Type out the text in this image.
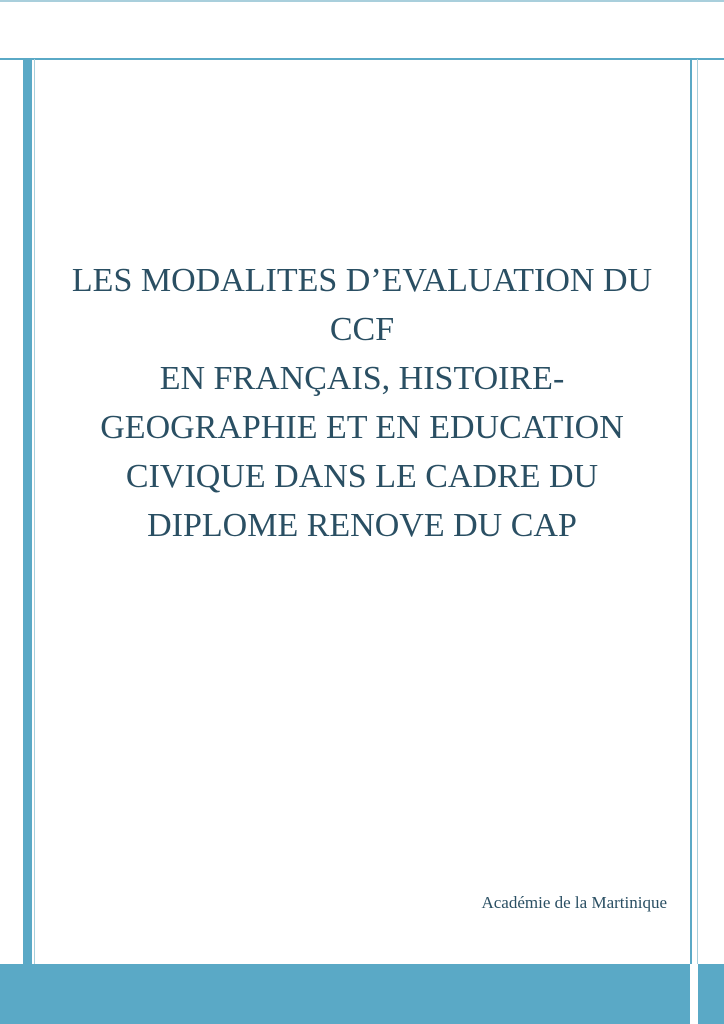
LES MODALITES D’EVALUATION DU
CCF
EN FRANÇAIS, HISTOIRE-
GEOGRAPHIE ET EN EDUCATION
CIVIQUE DANS LE CADRE DU
DIPLOME RENOVE DU CAP
Académie de la Martinique
